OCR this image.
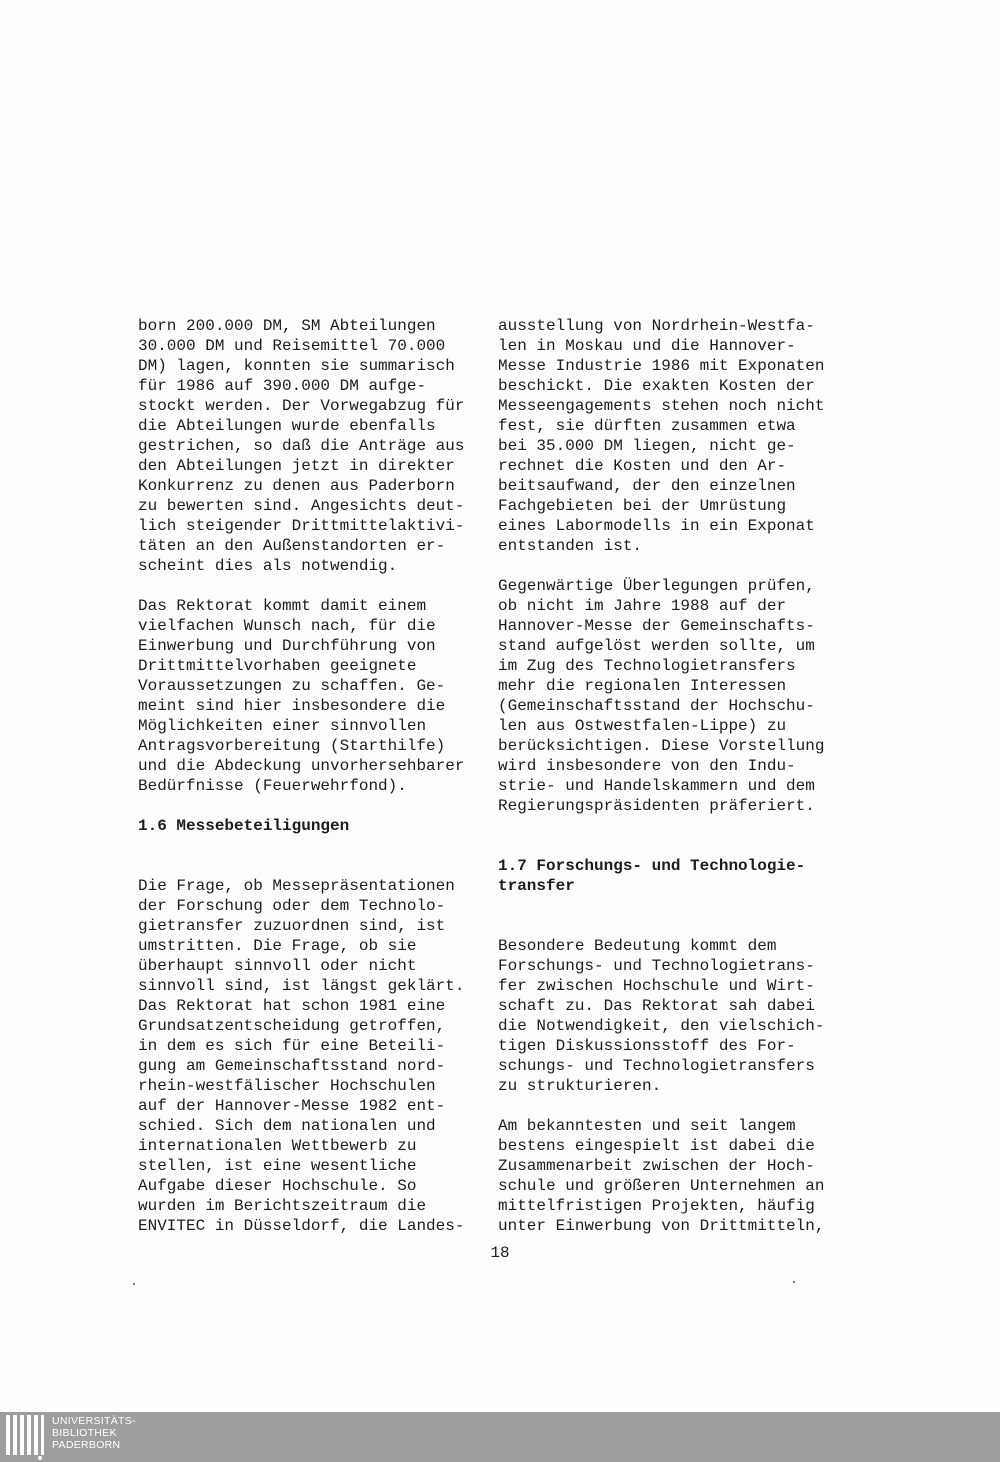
born 200.000 DM, SM Abteilungen
30.000 DM und Reisemittel 70.000
DM) lagen, konnten sie summarisch
für 1986 auf 390.000 DM aufge-
stockt werden. Der Vorwegabzug für
die Abteilungen wurde ebenfalls
gestrichen, so daß die Anträge aus
den Abteilungen jetzt in direkter
Konkurrenz zu denen aus Paderborn
zu bewerten sind. Angesichts deut-
lich steigender Drittmittelaktivi-
täten an den Außenstandorten er-
scheint dies als notwendig.
Das Rektorat kommt damit einem
vielfachen Wunsch nach, für die
Einwerbung und Durchführung von
Drittmittelvorhaben geeignete
Voraussetzungen zu schaffen. Ge-
meint sind hier insbesondere die
Möglichkeiten einer sinnvollen
Antragsvorbereitung (Starthilfe)
und die Abdeckung unvorhersehbarer
Bedürfnisse (Feuerwehrfond).
1.6 Messebeteiligungen
Die Frage, ob Messepräsentationen
der Forschung oder dem Technolo-
gietransfer zuzuordnen sind, ist
umstritten. Die Frage, ob sie
überhaupt sinnvoll oder nicht
sinnvoll sind, ist längst geklärt.
Das Rektorat hat schon 1981 eine
Grundsatzentscheidung getroffen,
in dem es sich für eine Beteili-
gung am Gemeinschaftsstand nord-
rhein-westfälischer Hochschulen
auf der Hannover-Messe 1982 ent-
schied. Sich dem nationalen und
internationalen Wettbewerb zu
stellen, ist eine wesentliche
Aufgabe dieser Hochschule. So
wurden im Berichtszeitraum die
ENVITEC in Düsseldorf, die Landes-
ausstellung von Nordrhein-Westfa-
len in Moskau und die Hannover-
Messe Industrie 1986 mit Exponaten
beschickt. Die exakten Kosten der
Messeengagements stehen noch nicht
fest, sie dürften zusammen etwa
bei 35.000 DM liegen, nicht ge-
rechnet die Kosten und den Ar-
beitsaufwand, der den einzelnen
Fachgebieten bei der Umrüstung
eines Labormodells in ein Exponat
entstanden ist.
Gegenwärtige Überlegungen prüfen,
ob nicht im Jahre 1988 auf der
Hannover-Messe der Gemeinschafts-
stand aufgelöst werden sollte, um
im Zug des Technologietransfers
mehr die regionalen Interessen
(Gemeinschaftsstand der Hochschu-
len aus Ostwestfalen-Lippe) zu
berücksichtigen. Diese Vorstellung
wird insbesondere von den Indu-
strie- und Handelskammern und dem
Regierungspräsidenten präferiert.
1.7 Forschungs- und Technologie-
transfer
Besondere Bedeutung kommt dem
Forschungs- und Technologietrans-
fer zwischen Hochschule und Wirt-
schaft zu. Das Rektorat sah dabei
die Notwendigkeit, den vielschich-
tigen Diskussionsstoff des For-
schungs- und Technologietransfers
zu strukturieren.
Am bekanntesten und seit langem
bestens eingespielt ist dabei die
Zusammenarbeit zwischen der Hoch-
schule und größeren Unternehmen an
mittelfristigen Projekten, häufig
unter Einwerbung von Drittmitteln,
18
UNIVERSITÄTS-
BIBLIOTHEK
PADERBORN
